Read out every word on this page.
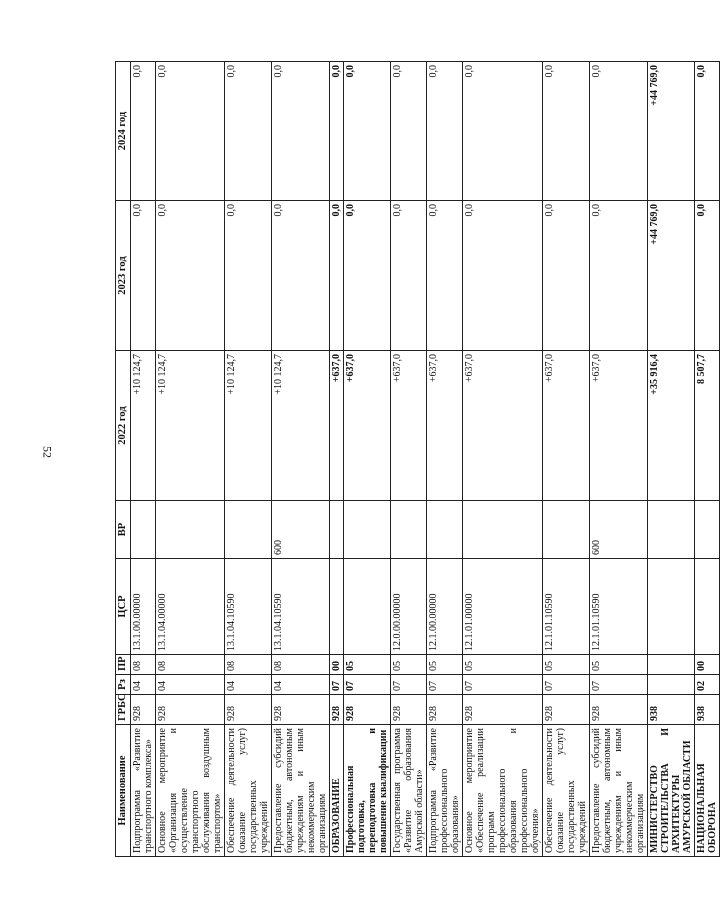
52
Наименование	ГРБС	Рз	ПР	ЦСР	ВР	2022 год	2023 год	2024 год
Подпрограмма «Развитие транспортного комплекса»	928	04	08	13.1.00.00000		+10 124,7	0,0	0,0
Основное мероприятие «Организация и осуществление транспортного обслуживания воздушным транспортом»	928	04	08	13.1.04.00000		+10 124,7	0,0	0,0
Обеспечение деятельности (оказание услуг) государственных учреждений	928	04	08	13.1.04.10590		+10 124,7	0,0	0,0
Предоставление субсидий бюджетным, автономным учреждениям и иным некоммерческим организациям	928	04	08	13.1.04.10590	600	+10 124,7	0,0	0,0
ОБРАЗОВАНИЕ	928	07	00			+637,0	0,0	0,0
Профессиональная подготовка, переподготовка и повышение квалификации	928	07	05			+637,0	0,0	0,0
Государственная программа «Развитие образования Амурской области»	928	07	05	12.0.00.00000		+637,0	0,0	0,0
Подпрограмма «Развитие профессионального образования»	928	07	05	12.1.00.00000		+637,0	0,0	0,0
Основное мероприятие «Обеспечение реализации программ профессионального образования и профессионального обучения»	928	07	05	12.1.01.00000		+637,0	0,0	0,0
Обеспечение деятельности (оказание услуг) государственных учреждений	928	07	05	12.1.01.10590		+637,0	0,0	0,0
Предоставление субсидий бюджетным, автономным учреждениям и иным некоммерческим организациям	928	07	05	12.1.01.10590	600	+637,0	0,0	0,0
МИНИСТЕРСТВО СТРОИТЕЛЬСТВА И АРХИТЕКТУРЫ АМУРСКОЙ ОБЛАСТИ	938					+35 916,4	+44 769,0	+44 769,0
НАЦИОНАЛЬНАЯ ОБОРОНА	938	02	00			8 507,7	0,0	0,0
